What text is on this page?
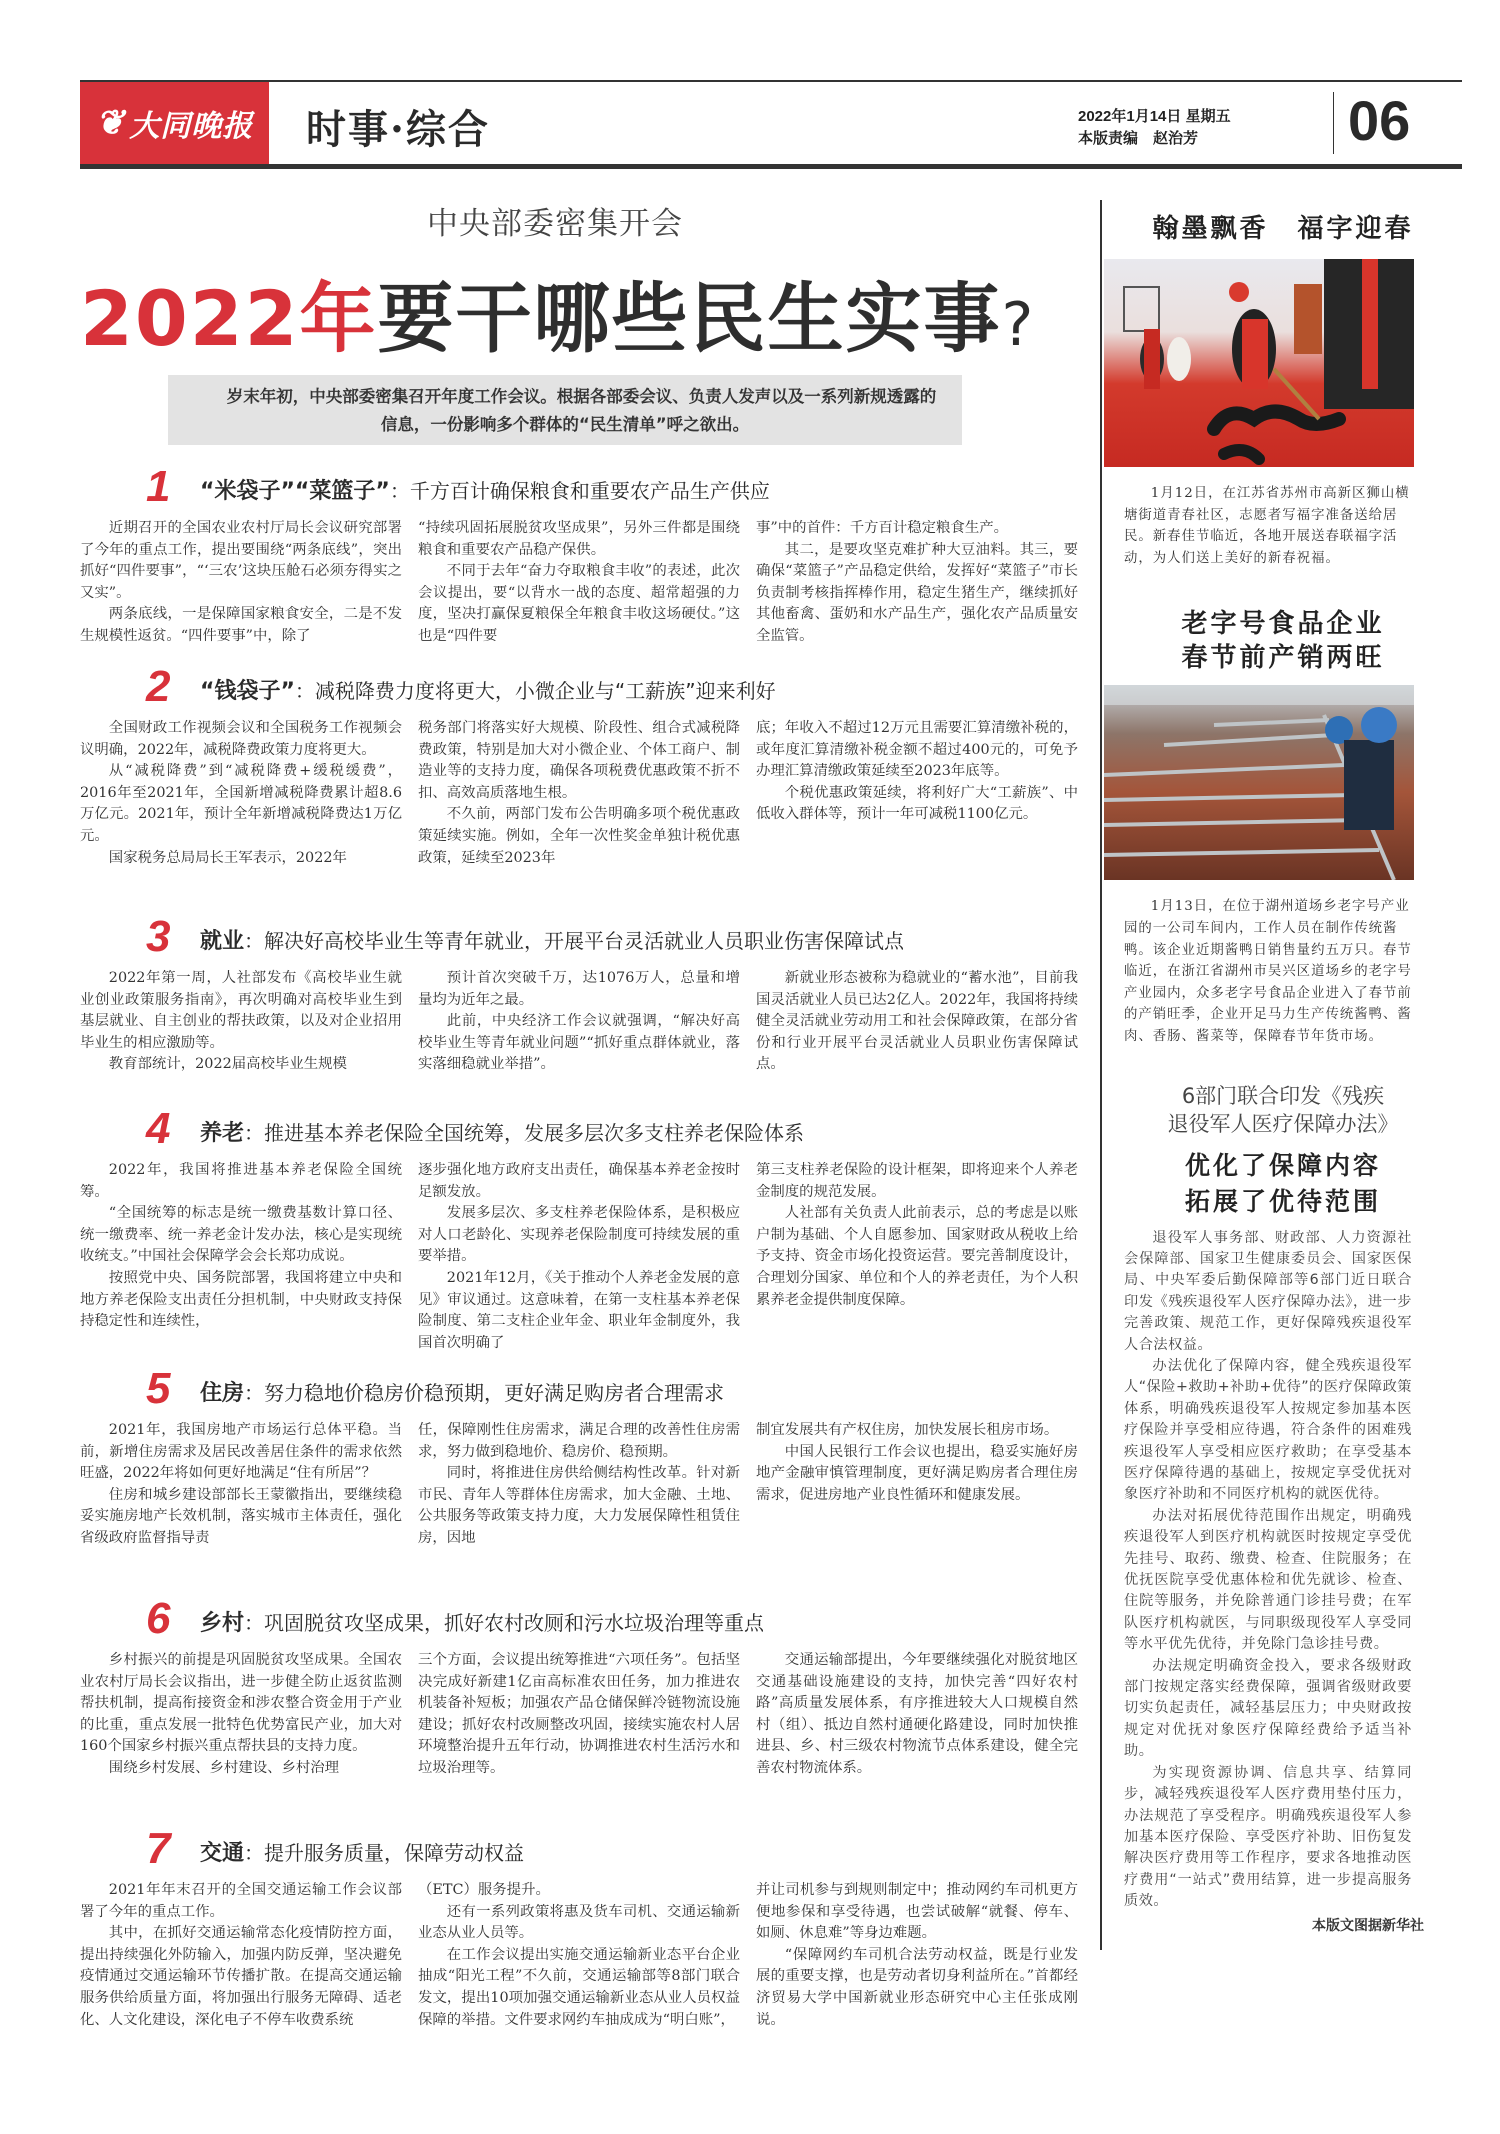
❦ 大同晚报 时事·综合	2022年1月14日 星期五
本版责编　赵治芳	06
中央部委密集开会
2022年要干哪些民生实事?

岁末年初，中央部委密集召开年度工作会议。根据各部委会议、负责人发声以及一系列新规透露的信息，一份影响多个群体的“民生清单”呼之欲出。

1 “米袋子”“菜篮子”：千方百计确保粮食和重要农产品生产供应

近期召开的全国农业农村厅局长会议研究部署了今年的重点工作，提出要围绕“两条底线”，突出抓好“四件要事”，“‘三农’这块压舱石必须夯得实之又实”。

两条底线，一是保障国家粮食安全，二是不发生规模性返贫。“四件要事”中，除了

“持续巩固拓展脱贫攻坚成果”，另外三件都是围绕粮食和重要农产品稳产保供。

不同于去年“奋力夺取粮食丰收”的表述，此次会议提出，要“以背水一战的态度、超常超强的力度，坚决打赢保夏粮保全年粮食丰收这场硬仗。”这也是“四件要

事”中的首件：千方百计稳定粮食生产。

其二，是要攻坚克难扩种大豆油料。其三，要确保“菜篮子”产品稳定供给，发挥好“菜篮子”市长负责制考核指挥棒作用，稳定生猪生产，继续抓好其他畜禽、蛋奶和水产品生产，强化农产品质量安全监管。

2 “钱袋子”：减税降费力度将更大，小微企业与“工薪族”迎来利好

全国财政工作视频会议和全国税务工作视频会议明确，2022年，减税降费政策力度将更大。

从“减税降费”到“减税降费+缓税缓费”，2016年至2021年，全国新增减税降费累计超8.6万亿元。2021年，预计全年新增减税降费达1万亿元。

国家税务总局局长王军表示，2022年

税务部门将落实好大规模、阶段性、组合式减税降费政策，特别是加大对小微企业、个体工商户、制造业等的支持力度，确保各项税费优惠政策不折不扣、高效高质落地生根。

不久前，两部门发布公告明确多项个税优惠政策延续实施。例如，全年一次性奖金单独计税优惠政策，延续至2023年

底；年收入不超过12万元且需要汇算清缴补税的，或年度汇算清缴补税金额不超过400元的，可免予办理汇算清缴政策延续至2023年底等。

个税优惠政策延续，将利好广大“工薪族”、中低收入群体等，预计一年可减税1100亿元。

3 就业：解决好高校毕业生等青年就业，开展平台灵活就业人员职业伤害保障试点

2022年第一周，人社部发布《高校毕业生就业创业政策服务指南》，再次明确对高校毕业生到基层就业、自主创业的帮扶政策，以及对企业招用毕业生的相应激励等。

教育部统计，2022届高校毕业生规模

预计首次突破千万，达1076万人，总量和增量均为近年之最。

此前，中央经济工作会议就强调，“解决好高校毕业生等青年就业问题”“抓好重点群体就业，落实落细稳就业举措”。

新就业形态被称为稳就业的“蓄水池”，目前我国灵活就业人员已达2亿人。2022年，我国将持续健全灵活就业劳动用工和社会保障政策，在部分省份和行业开展平台灵活就业人员职业伤害保障试点。

4 养老：推进基本养老保险全国统筹，发展多层次多支柱养老保险体系

2022年，我国将推进基本养老保险全国统筹。

“全国统筹的标志是统一缴费基数计算口径、统一缴费率、统一养老金计发办法，核心是实现统收统支。”中国社会保障学会会长郑功成说。

按照党中央、国务院部署，我国将建立中央和地方养老保险支出责任分担机制，中央财政支持保持稳定性和连续性，

逐步强化地方政府支出责任，确保基本养老金按时足额发放。

发展多层次、多支柱养老保险体系，是积极应对人口老龄化、实现养老保险制度可持续发展的重要举措。

2021年12月，《关于推动个人养老金发展的意见》审议通过。这意味着，在第一支柱基本养老保险制度、第二支柱企业年金、职业年金制度外，我国首次明确了

第三支柱养老保险的设计框架，即将迎来个人养老金制度的规范发展。

人社部有关负责人此前表示，总的考虑是以账户制为基础、个人自愿参加、国家财政从税收上给予支持、资金市场化投资运营。要完善制度设计，合理划分国家、单位和个人的养老责任，为个人积累养老金提供制度保障。

5 住房：努力稳地价稳房价稳预期，更好满足购房者合理需求

2021年，我国房地产市场运行总体平稳。当前，新增住房需求及居民改善居住条件的需求依然旺盛，2022年将如何更好地满足“住有所居”？

住房和城乡建设部部长王蒙徽指出，要继续稳妥实施房地产长效机制，落实城市主体责任，强化省级政府监督指导责

任，保障刚性住房需求，满足合理的改善性住房需求，努力做到稳地价、稳房价、稳预期。

同时，将推进住房供给侧结构性改革。针对新市民、青年人等群体住房需求，加大金融、土地、公共服务等政策支持力度，大力发展保障性租赁住房，因地

制宜发展共有产权住房，加快发展长租房市场。

中国人民银行工作会议也提出，稳妥实施好房地产金融审慎管理制度，更好满足购房者合理住房需求，促进房地产业良性循环和健康发展。

6 乡村：巩固脱贫攻坚成果，抓好农村改厕和污水垃圾治理等重点

乡村振兴的前提是巩固脱贫攻坚成果。全国农业农村厅局长会议指出，进一步健全防止返贫监测帮扶机制，提高衔接资金和涉农整合资金用于产业的比重，重点发展一批特色优势富民产业，加大对160个国家乡村振兴重点帮扶县的支持力度。

围绕乡村发展、乡村建设、乡村治理

三个方面，会议提出统筹推进“六项任务”。包括坚决完成好新建1亿亩高标准农田任务，加力推进农机装备补短板；加强农产品仓储保鲜冷链物流设施建设；抓好农村改厕整改巩固，接续实施农村人居环境整治提升五年行动，协调推进农村生活污水和垃圾治理等。

交通运输部提出，今年要继续强化对脱贫地区交通基础设施建设的支持，加快完善“四好农村路”高质量发展体系，有序推进较大人口规模自然村（组）、抵边自然村通硬化路建设，同时加快推进县、乡、村三级农村物流节点体系建设，健全完善农村物流体系。

7 交通：提升服务质量，保障劳动权益

2021年年末召开的全国交通运输工作会议部署了今年的重点工作。

其中，在抓好交通运输常态化疫情防控方面，提出持续强化外防输入，加强内防反弹，坚决避免疫情通过交通运输环节传播扩散。在提高交通运输服务供给质量方面，将加强出行服务无障碍、适老化、人文化建设，深化电子不停车收费系统

（ETC）服务提升。

还有一系列政策将惠及货车司机、交通运输新业态从业人员等。

在工作会议提出实施交通运输新业态平台企业抽成“阳光工程”不久前，交通运输部等8部门联合发文，提出10项加强交通运输新业态从业人员权益保障的举措。文件要求网约车抽成成为“明白账”，

并让司机参与到规则制定中；推动网约车司机更方便地参保和享受待遇，也尝试破解“就餐、停车、如厕、休息难”等身边难题。

“保障网约车司机合法劳动权益，既是行业发展的重要支撑，也是劳动者切身利益所在。”首都经济贸易大学中国新就业形态研究中心主任张成刚说。

翰墨飘香　福字迎春

1月12日，在江苏省苏州市高新区狮山横塘街道青春社区，志愿者写福字准备送给居民。新春佳节临近，各地开展送春联福字活动，为人们送上美好的新春祝福。

老字号食品企业
春节前产销两旺

1月13日，在位于湖州道场乡老字号产业园的一公司车间内，工作人员在制作传统酱鸭。该企业近期酱鸭日销售量约五万只。春节临近，在浙江省湖州市吴兴区道场乡的老字号产业园内，众多老字号食品企业进入了春节前的产销旺季，企业开足马力生产传统酱鸭、酱肉、香肠、酱菜等，保障春节年货市场。

6部门联合印发《残疾
退役军人医疗保障办法》
优化了保障内容
拓展了优待范围

退役军人事务部、财政部、人力资源社会保障部、国家卫生健康委员会、国家医保局、中央军委后勤保障部等6部门近日联合印发《残疾退役军人医疗保障办法》，进一步完善政策、规范工作，更好保障残疾退役军人合法权益。

办法优化了保障内容，健全残疾退役军人“保险+救助+补助+优待”的医疗保障政策体系，明确残疾退役军人按规定参加基本医疗保险并享受相应待遇，符合条件的困难残疾退役军人享受相应医疗救助；在享受基本医疗保障待遇的基础上，按规定享受优抚对象医疗补助和不同医疗机构的就医优待。

办法对拓展优待范围作出规定，明确残疾退役军人到医疗机构就医时按规定享受优先挂号、取药、缴费、检查、住院服务；在优抚医院享受优惠体检和优先就诊、检查、住院等服务，并免除普通门诊挂号费；在军队医疗机构就医，与同职级现役军人享受同等水平优先优待，并免除门急诊挂号费。

办法规定明确资金投入，要求各级财政部门按规定落实经费保障，强调省级财政要切实负起责任，减轻基层压力；中央财政按规定对优抚对象医疗保障经费给予适当补助。

为实现资源协调、信息共享、结算同步，减轻残疾退役军人医疗费用垫付压力，办法规范了享受程序。明确残疾退役军人参加基本医疗保险、享受医疗补助、旧伤复发解决医疗费用等工作程序，要求各地推动医疗费用“一站式”费用结算，进一步提高服务质效。

本版文图据新华社
